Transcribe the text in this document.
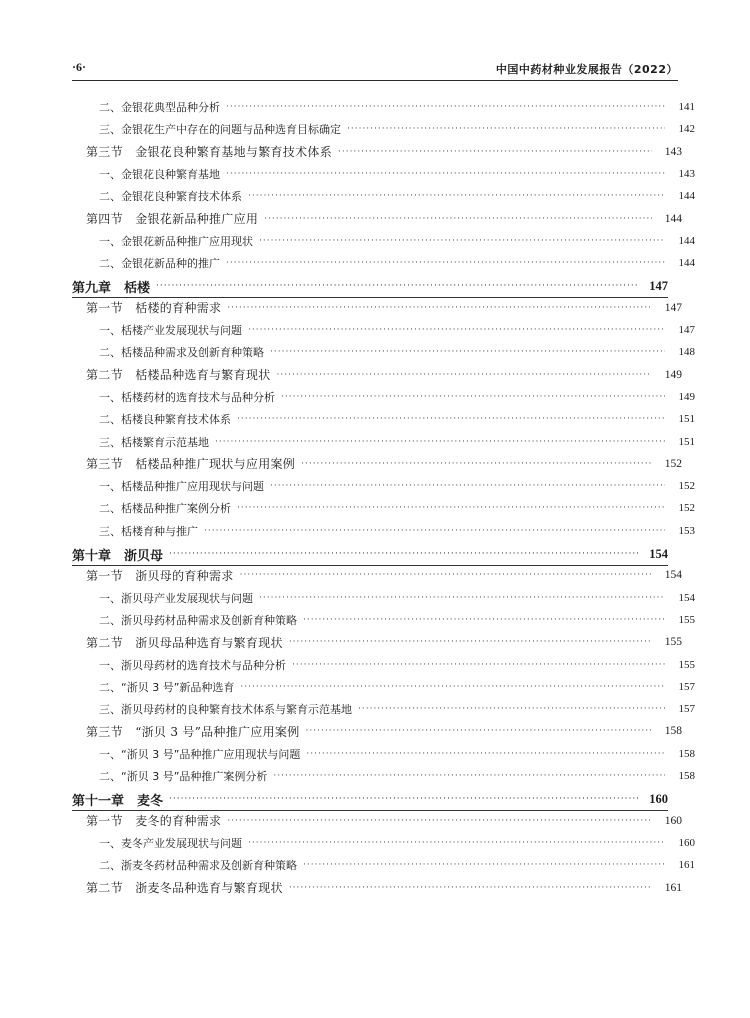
·6·	中国中药材种业发展报告（2022）
二、金银花典型品种分析 ·····	141
三、金银花生产中存在的问题与品种选育目标确定 ·····	142
第三节　金银花良种繁育基地与繁育技术体系 ·····	143
一、金银花良种繁育基地 ·····	143
二、金银花良种繁育技术体系 ·····	144
第四节　金银花新品种推广应用 ·····	144
一、金银花新品种推广应用现状 ·····	144
二、金银花新品种的推广 ·····	144
第九章　栝楼 ·····	147
第一节　栝楼的育种需求 ·····	147
一、栝楼产业发展现状与问题 ·····	147
二、栝楼品种需求及创新育种策略 ·····	148
第二节　栝楼品种选育与繁育现状 ·····	149
一、栝楼药材的选育技术与品种分析 ·····	149
二、栝楼良种繁育技术体系 ·····	151
三、栝楼繁育示范基地 ·····	151
第三节　栝楼品种推广现状与应用案例 ·····	152
一、栝楼品种推广应用现状与问题 ·····	152
二、栝楼品种推广案例分析 ·····	152
三、栝楼育种与推广 ·····	153
第十章　浙贝母 ·····	154
第一节　浙贝母的育种需求 ·····	154
一、浙贝母产业发展现状与问题 ·····	154
二、浙贝母药材品种需求及创新育种策略 ·····	155
第二节　浙贝母品种选育与繁育现状 ·····	155
一、浙贝母药材的选育技术与品种分析 ·····	155
二、“浙贝 3 号”新品种选育 ·····	157
三、浙贝母药材的良种繁育技术体系与繁育示范基地 ·····	157
第三节　“浙贝 3 号”品种推广应用案例 ·····	158
一、“浙贝 3 号”品种推广应用现状与问题 ·····	158
二、“浙贝 3 号”品种推广案例分析 ·····	158
第十一章　麦冬 ·····	160
第一节　麦冬的育种需求 ·····	160
一、麦冬产业发展现状与问题 ·····	160
二、浙麦冬药材品种需求及创新育种策略 ·····	161
第二节　浙麦冬品种选育与繁育现状 ·····	161
